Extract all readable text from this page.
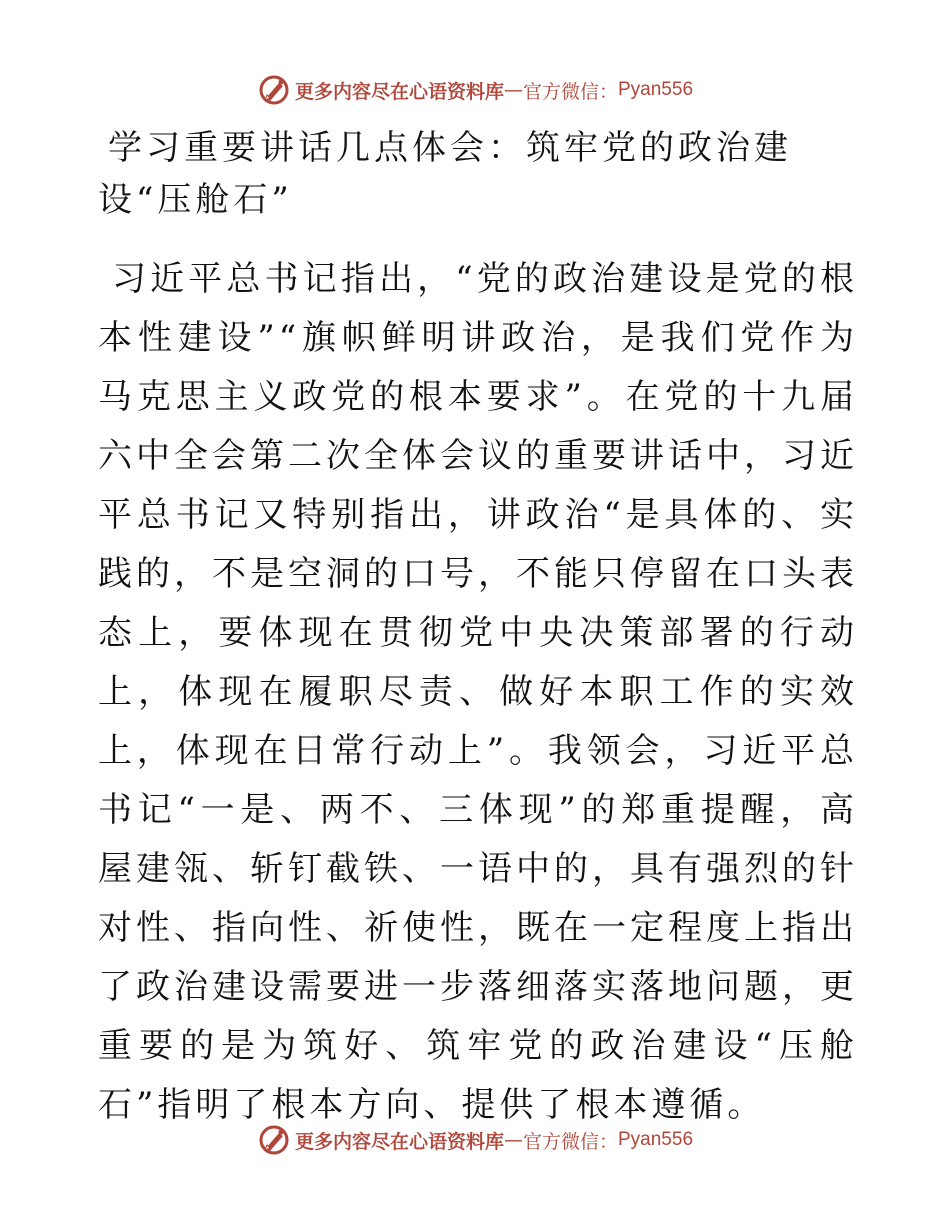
更多内容尽在心语资料库 — 官方微信： Pyan556
学习重要讲话几点体会：筑牢党的政治建设“压舱石”

习近平总书记指出，“党的政治建设是党的根本性建设”“旗帜鲜明讲政治，是我们党作为马克思主义政党的根本要求”。在党的十九届六中全会第二次全体会议的重要讲话中，习近平总书记又特别指出，讲政治“是具体的、实践的，不是空洞的口号，不能只停留在口头表态上，要体现在贯彻党中央决策部署的行动上，体现在履职尽责、做好本职工作的实效上，体现在日常行动上”。我领会，习近平总书记“一是、两不、三体现”的郑重提醒，高屋建瓴、斩钉截铁、一语中的，具有强烈的针对性、指向性、祈使性，既在一定程度上指出了政治建设需要进一步落细落实落地问题，更重要的是为筑好、筑牢党的政治建设“压舱石”指明了根本方向、提供了根本遵循。

更多内容尽在心语资料库 — 官方微信： Pyan556
